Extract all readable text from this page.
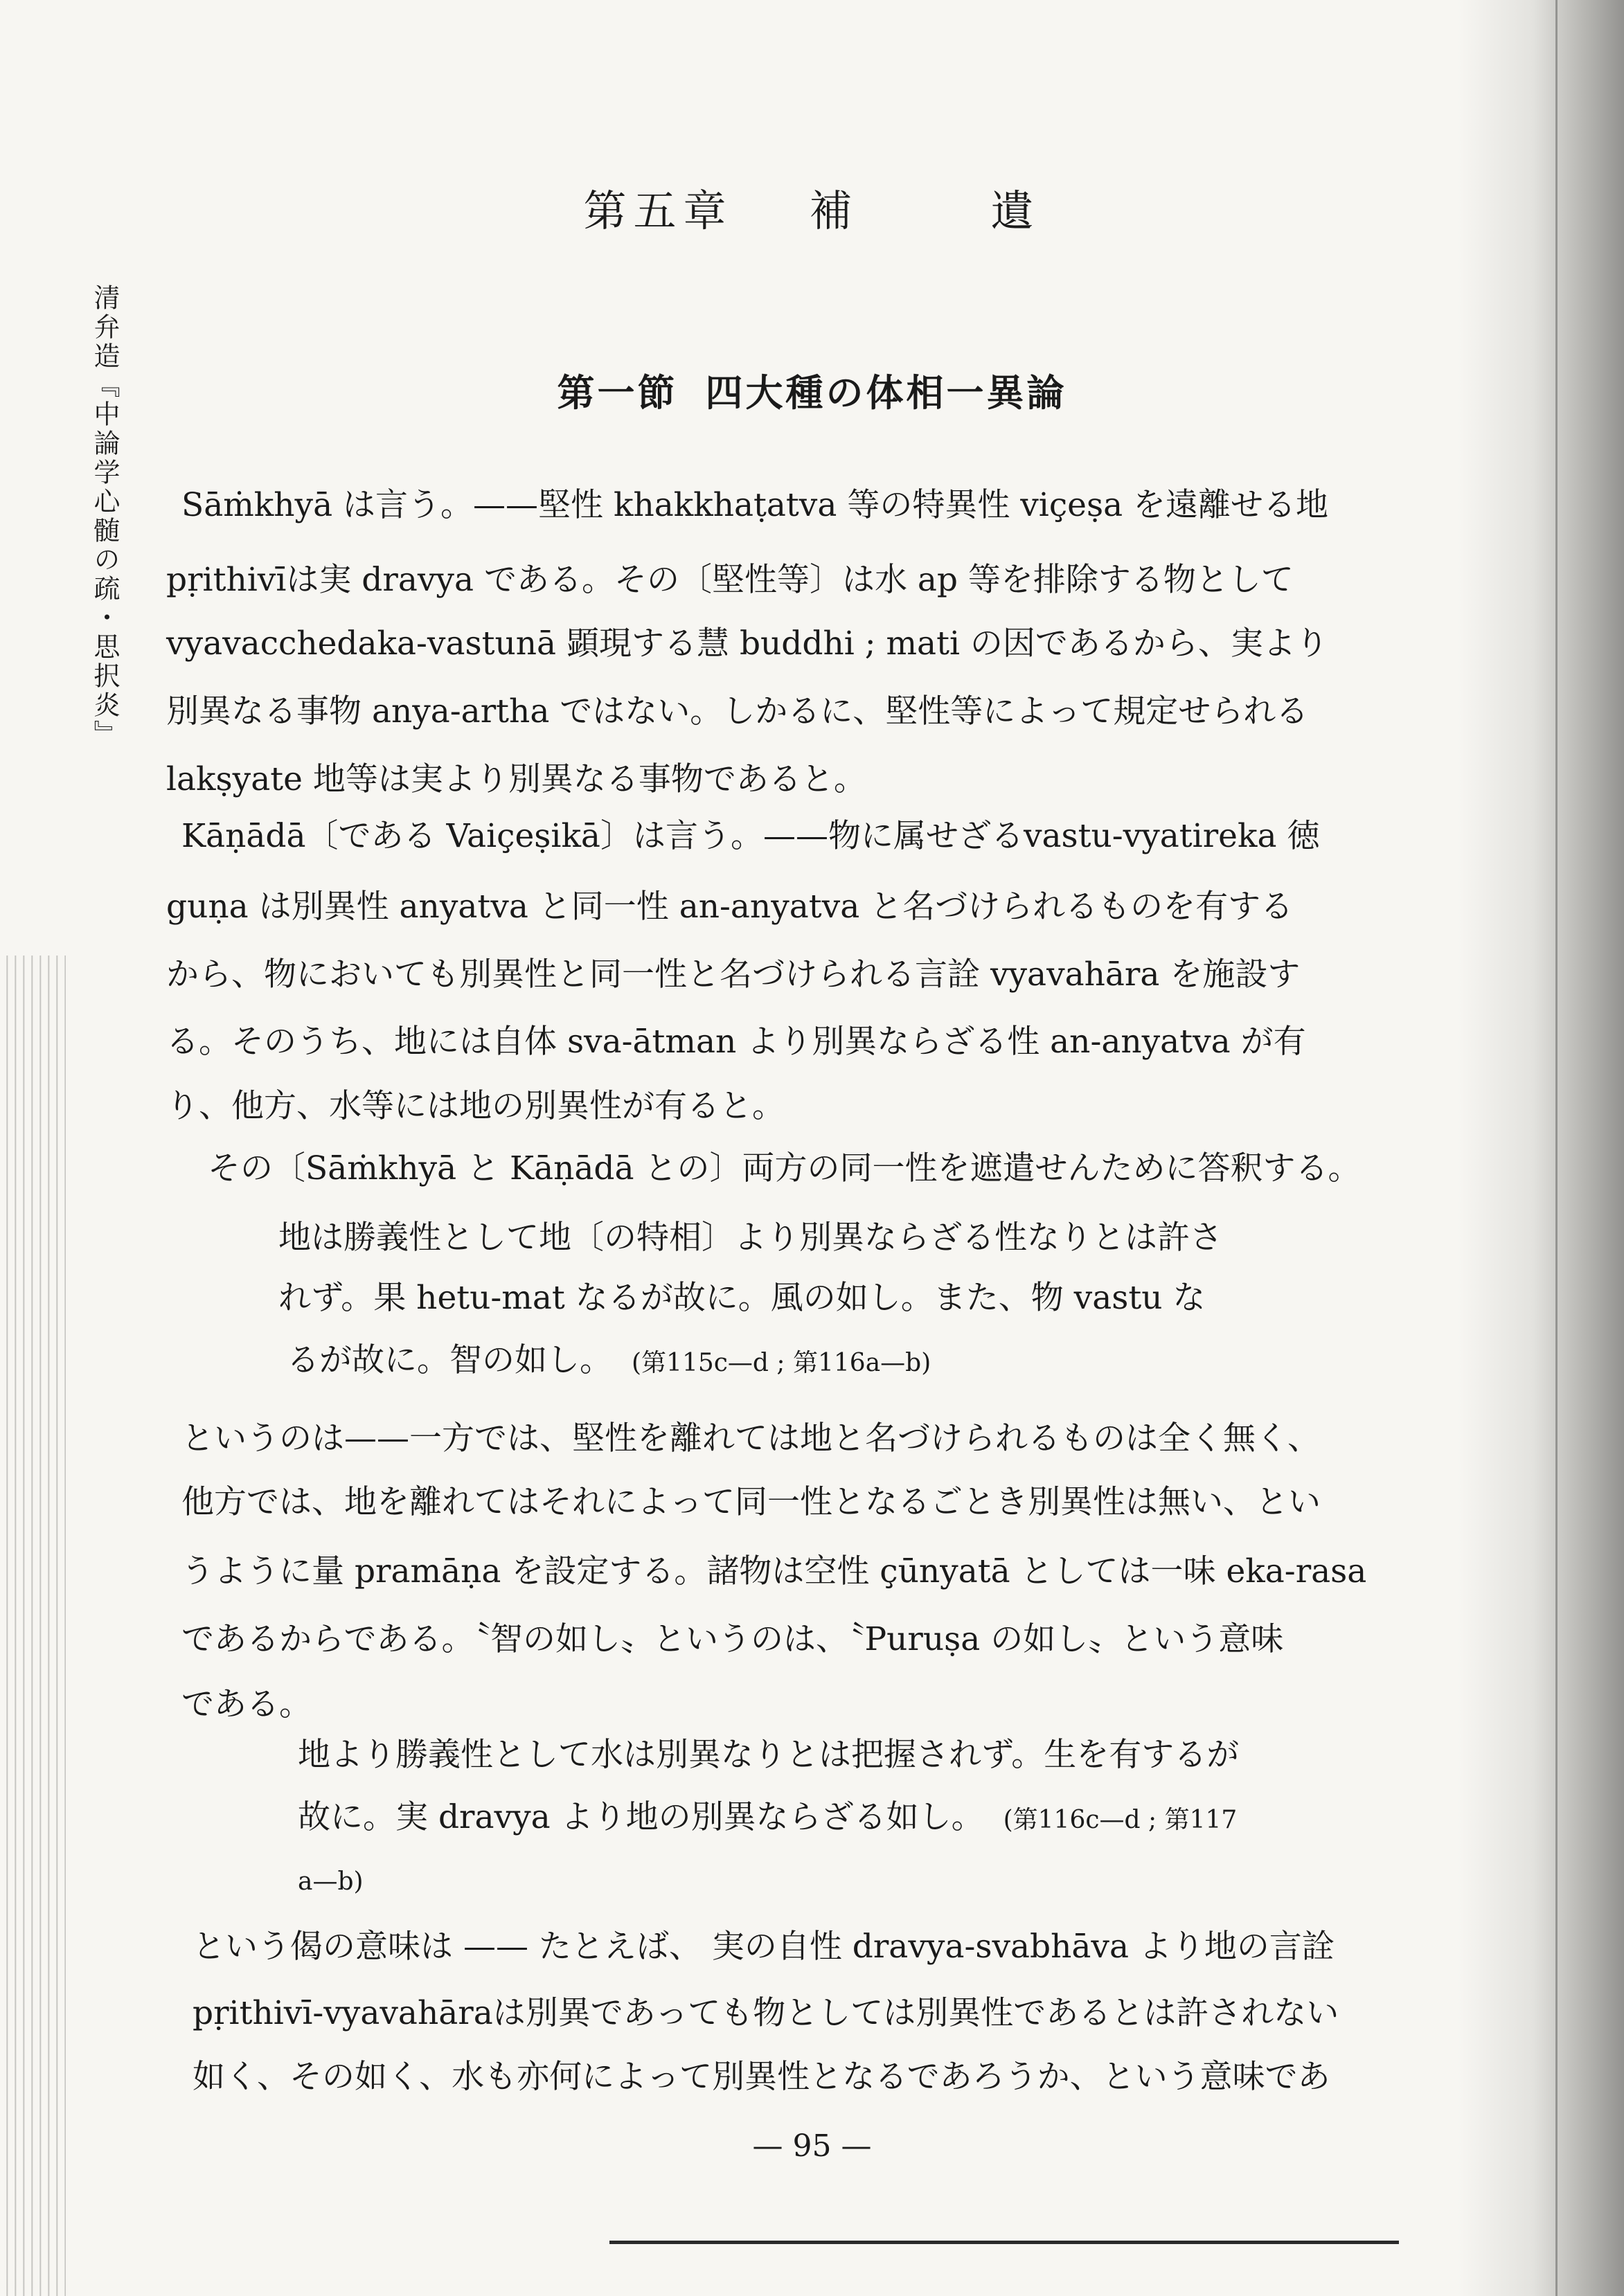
清弁造『中論学心髄の疏・思択炎』
第五章 補	遺
第一節 四大種の体相一異論
Sāṁkhyā は言う。——堅性 khakkhaṭatva 等の特異性 viçeṣa を遠離せる地
pṛithivīは実 dravya である。その〔堅性等〕は水 ap 等を排除する物として
vyavacchedaka-vastunā 顕現する慧 buddhi ; mati の因であるから、実より
別異なる事物 anya-artha ではない。しかるに、堅性等によって規定せられる
lakṣyate 地等は実より別異なる事物であると。
Kāṇādā〔である Vaiçeṣikā〕は言う。——物に属せざるvastu-vyatireka 徳
guṇa は別異性 anyatva と同一性 an-anyatva と名づけられるものを有する
から、物においても別異性と同一性と名づけられる言詮 vyavahāra を施設す
る。そのうち、地には自体 sva-ātman より別異ならざる性 an-anyatva が有
り、他方、水等には地の別異性が有ると。
その〔Sāṁkhyā と Kāṇādā との〕両方の同一性を遮遣せんために答釈する。
地は勝義性として地〔の特相〕より別異ならざる性なりとは許さ
れず。果 hetu-mat なるが故に。風の如し。また、物 vastu な
るが故に。智の如し。 (第115c—d ; 第116a—b)
というのは——一方では、堅性を離れては地と名づけられるものは全く無く、
他方では、地を離れてはそれによって同一性となるごとき別異性は無い、とい
うように量 pramāṇa を設定する。諸物は空性 çūnyatā としては一味 eka-rasa
であるからである。〝智の如し〟というのは、〝Puruṣa の如し〟という意味
である。
地より勝義性として水は別異なりとは把握されず。生を有するが
故に。実 dravya より地の別異ならざる如し。 (第116c—d ; 第117
a—b)
という偈の意味は —— たとえば、 実の自性 dravya-svabhāva より地の言詮
pṛithivī-vyavahāraは別異であっても物としては別異性であるとは許されない
如く、その如く、水も亦何によって別異性となるであろうか、という意味であ
— 95 —
